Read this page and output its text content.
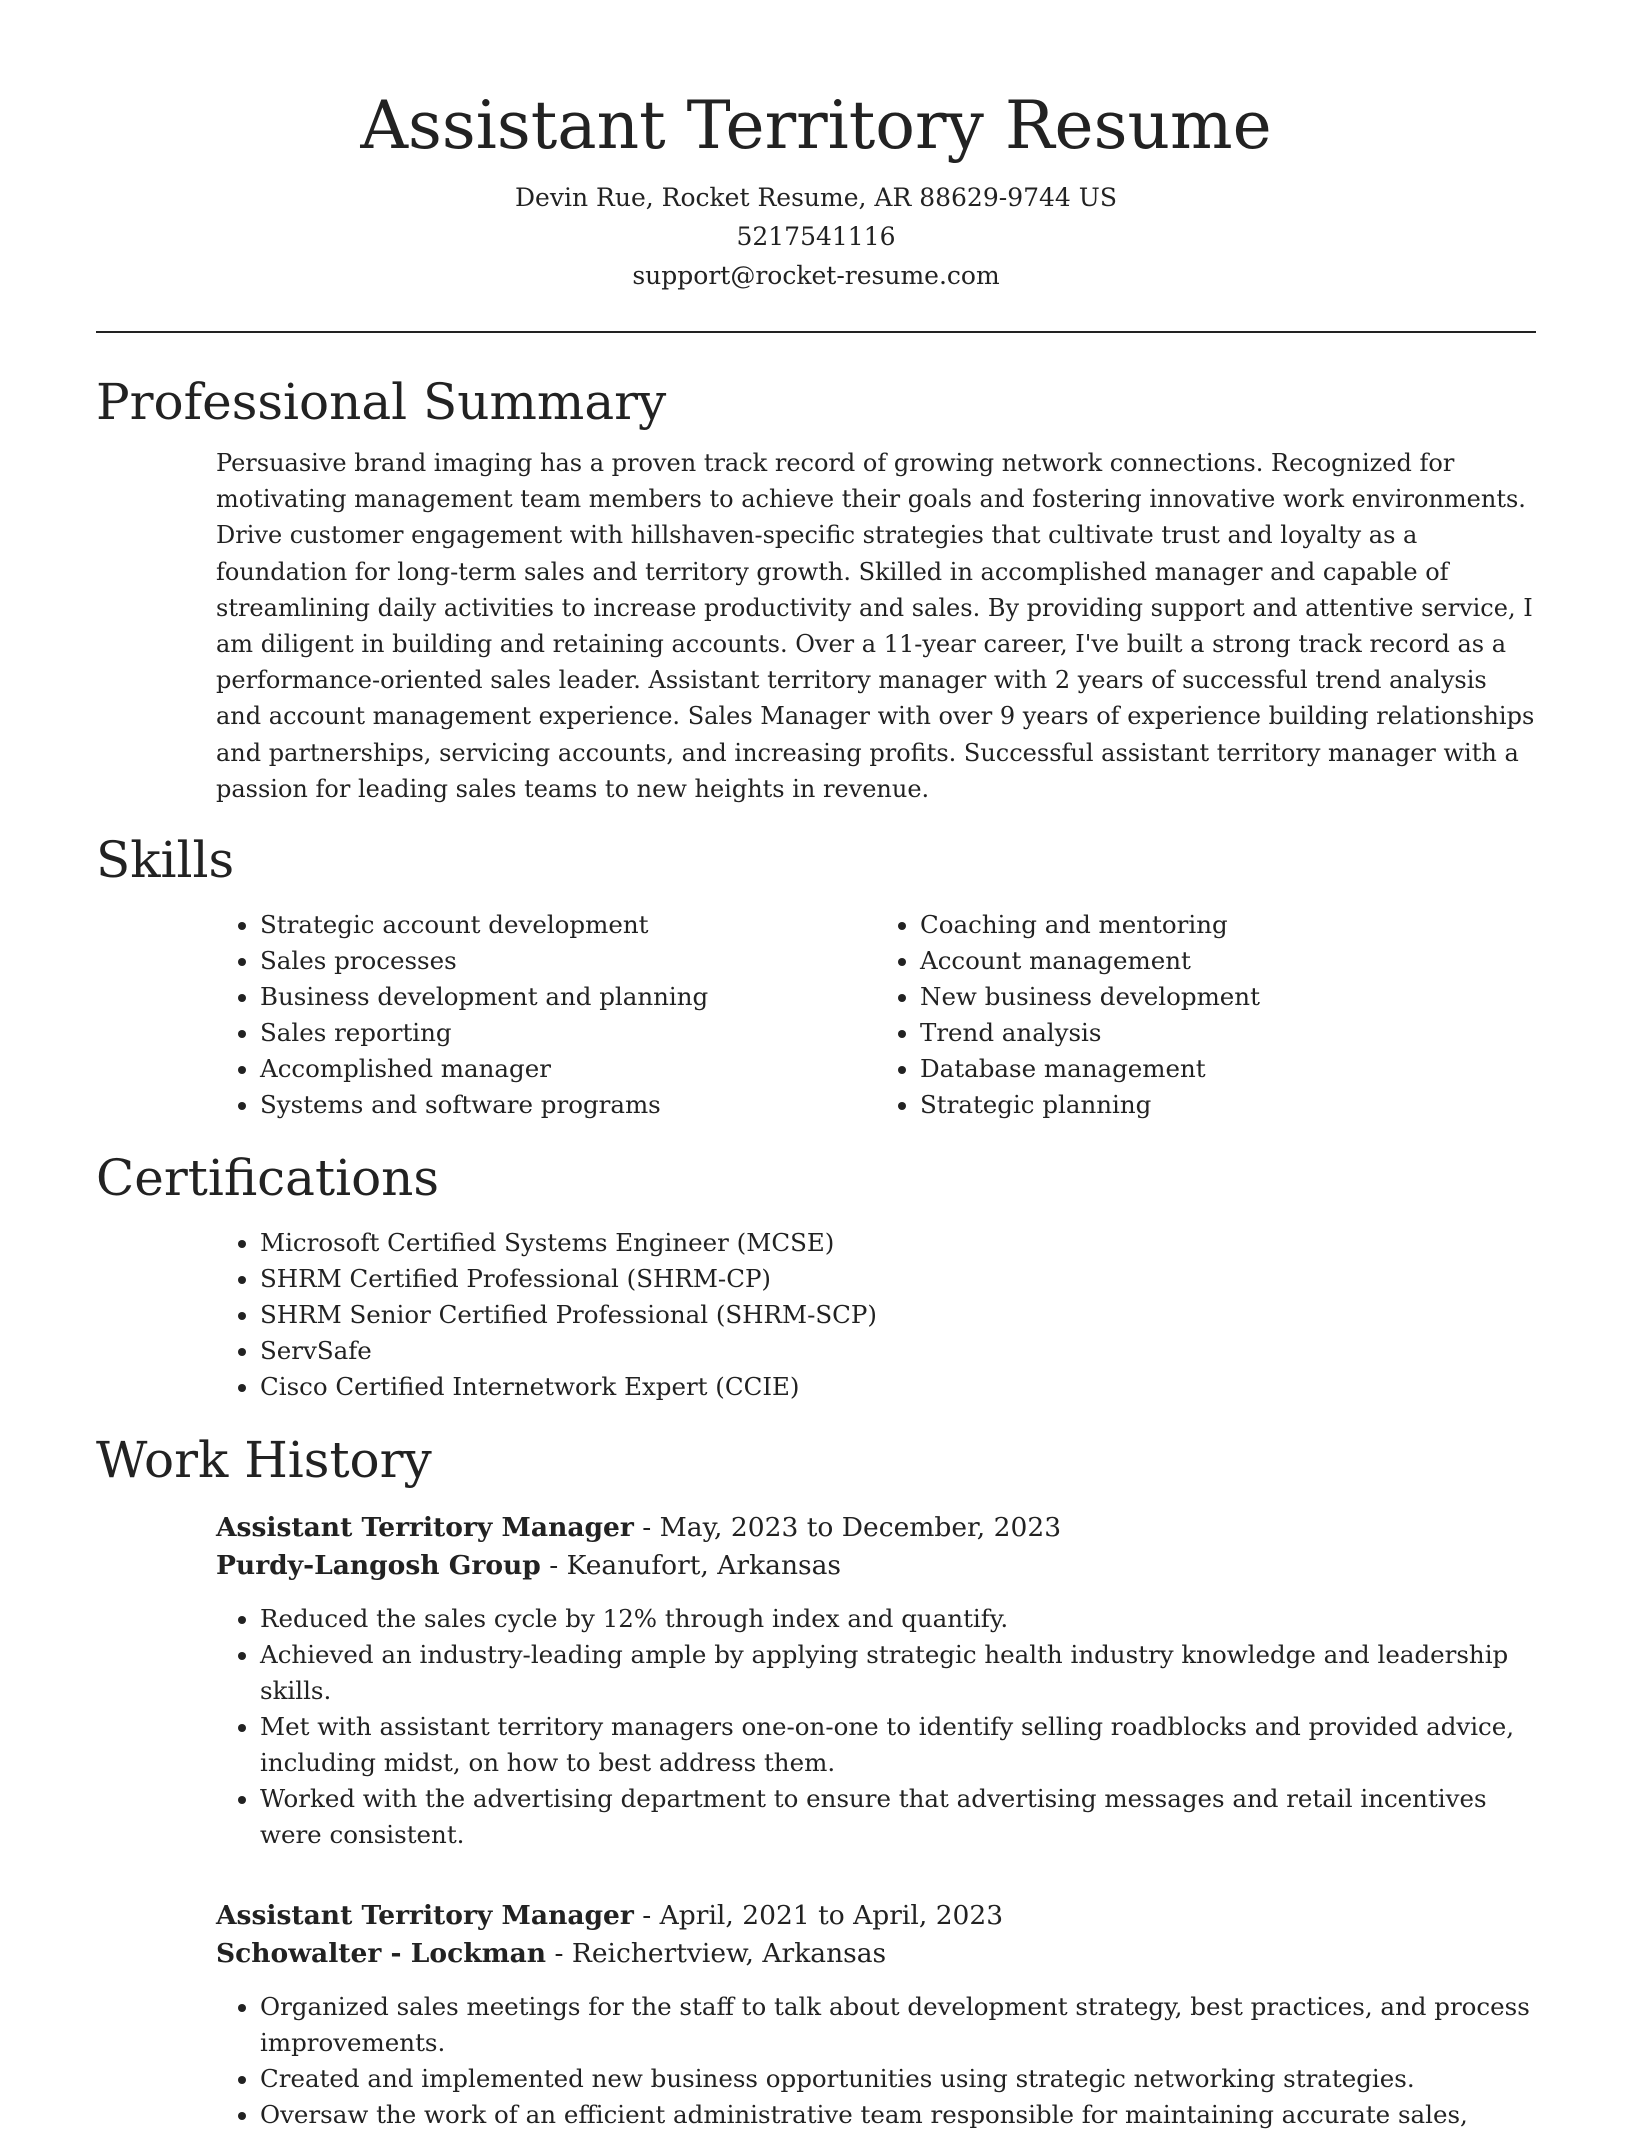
Assistant Territory Resume
Devin Rue, Rocket Resume, AR 88629-9744 US
5217541116
support@rocket-resume.com
Professional Summary

Persuasive brand imaging has a proven track record of growing network connections. Recognized for motivating management team members to achieve their goals and fostering innovative work environments. Drive customer engagement with hillshaven-specific strategies that cultivate trust and loyalty as a foundation for long-term sales and territory growth. Skilled in accomplished manager and capable of streamlining daily activities to increase productivity and sales. By providing support and attentive service, I am diligent in building and retaining accounts. Over a 11-year career, I've built a strong track record as a performance-oriented sales leader. Assistant territory manager with 2 years of successful trend analysis and account management experience. Sales Manager with over 9 years of experience building relationships and partnerships, servicing accounts, and increasing profits. Successful assistant territory manager with a passion for leading sales teams to new heights in revenue.

Skills
• Strategic account development
• Sales processes
• Business development and planning
• Sales reporting
• Accomplished manager
• Systems and software programs
• Coaching and mentoring
• Account management
• New business development
• Trend analysis
• Database management
• Strategic planning
Certifications
• Microsoft Certified Systems Engineer (MCSE)
• SHRM Certified Professional (SHRM-CP)
• SHRM Senior Certified Professional (SHRM-SCP)
• ServSafe
• Cisco Certified Internetwork Expert (CCIE)
Work History
Assistant Territory Manager - May, 2023 to December, 2023
Purdy-Langosh Group - Keanufort, Arkansas
• Reduced the sales cycle by 12% through index and quantify.
• Achieved an industry-leading ample by applying strategic health industry knowledge and leadership skills.
• Met with assistant territory managers one-on-one to identify selling roadblocks and provided advice, including midst, on how to best address them.
• Worked with the advertising department to ensure that advertising messages and retail incentives were consistent.
Assistant Territory Manager - April, 2021 to April, 2023
Schowalter - Lockman - Reichertview, Arkansas
• Organized sales meetings for the staff to talk about development strategy, best practices, and process improvements.
• Created and implemented new business opportunities using strategic networking strategies.
• Oversaw the work of an efficient administrative team responsible for maintaining accurate sales,
